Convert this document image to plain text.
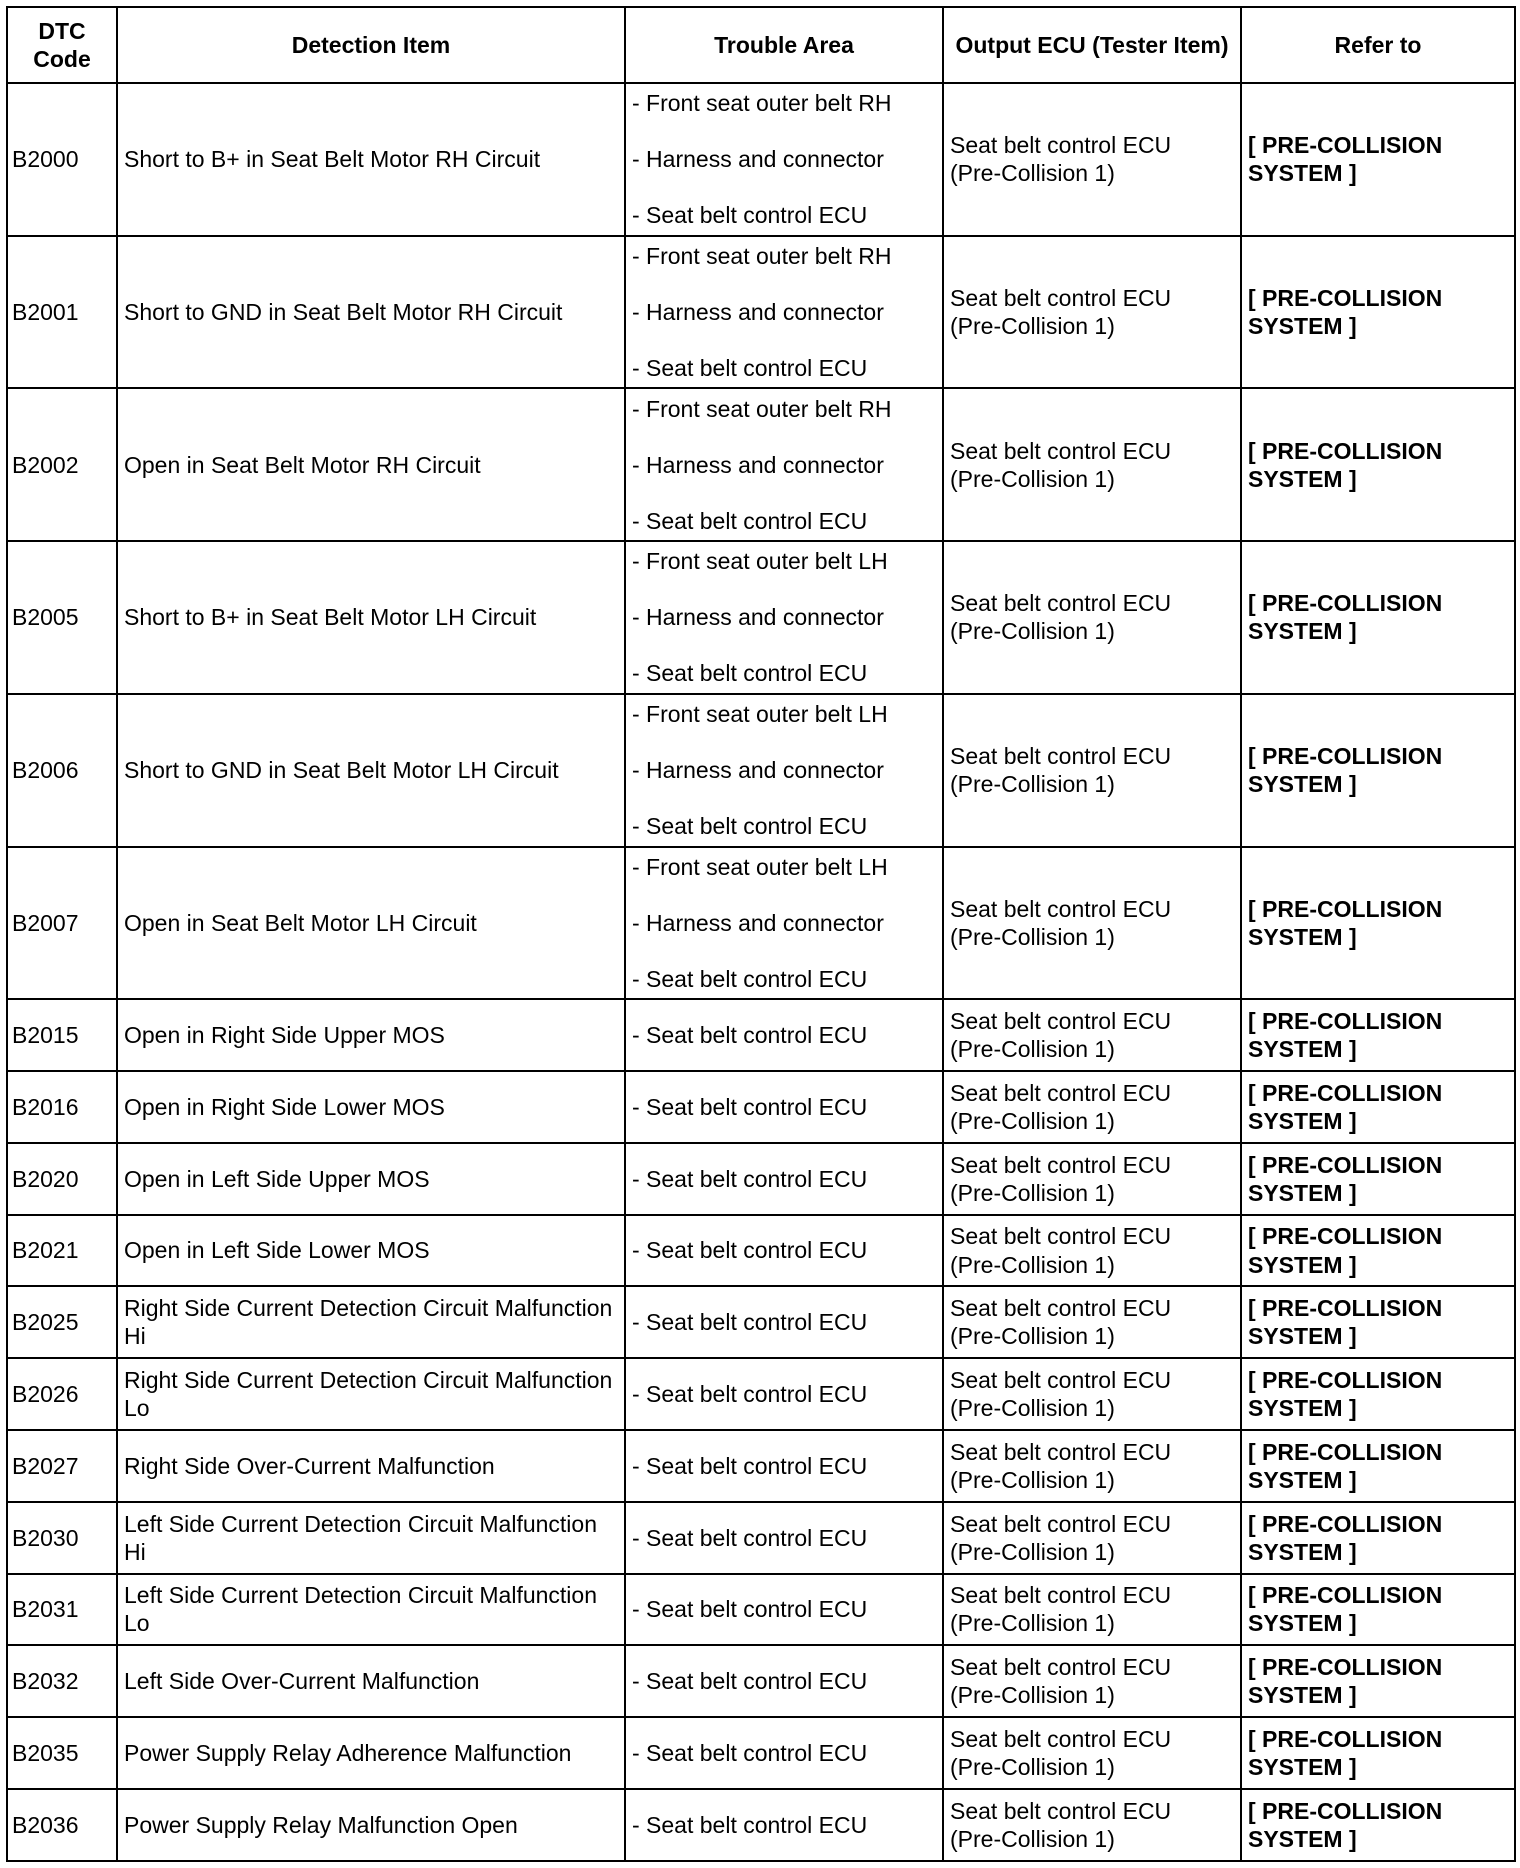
DTC Code	Detection Item	Trouble Area	Output ECU (Tester Item)	Refer to
B2000	Short to B+ in Seat Belt Motor RH Circuit	- Front seat outer belt RH
- Harness and connector
- Seat belt control ECU	Seat belt control ECU
(Pre-Collision 1)	[ PRE-COLLISION
SYSTEM ]

B2001	Short to GND in Seat Belt Motor RH Circuit	- Front seat outer belt RH
- Harness and connector
- Seat belt control ECU	Seat belt control ECU
(Pre-Collision 1)	[ PRE-COLLISION
SYSTEM ]

B2002	Open in Seat Belt Motor RH Circuit	- Front seat outer belt RH
- Harness and connector
- Seat belt control ECU	Seat belt control ECU
(Pre-Collision 1)	[ PRE-COLLISION
SYSTEM ]

B2005	Short to B+ in Seat Belt Motor LH Circuit	- Front seat outer belt LH
- Harness and connector
- Seat belt control ECU	Seat belt control ECU
(Pre-Collision 1)	[ PRE-COLLISION
SYSTEM ]

B2006	Short to GND in Seat Belt Motor LH Circuit	- Front seat outer belt LH
- Harness and connector
- Seat belt control ECU	Seat belt control ECU
(Pre-Collision 1)	[ PRE-COLLISION
SYSTEM ]

B2007	Open in Seat Belt Motor LH Circuit	- Front seat outer belt LH
- Harness and connector
- Seat belt control ECU	Seat belt control ECU
(Pre-Collision 1)	[ PRE-COLLISION
SYSTEM ]

B2015	Open in Right Side Upper MOS	- Seat belt control ECU	Seat belt control ECU
(Pre-Collision 1)	[ PRE-COLLISION
SYSTEM ]

B2016	Open in Right Side Lower MOS	- Seat belt control ECU	Seat belt control ECU
(Pre-Collision 1)	[ PRE-COLLISION
SYSTEM ]

B2020	Open in Left Side Upper MOS	- Seat belt control ECU	Seat belt control ECU
(Pre-Collision 1)	[ PRE-COLLISION
SYSTEM ]

B2021	Open in Left Side Lower MOS	- Seat belt control ECU	Seat belt control ECU
(Pre-Collision 1)	[ PRE-COLLISION
SYSTEM ]

B2025	Right Side Current Detection Circuit Malfunction Hi	- Seat belt control ECU	Seat belt control ECU
(Pre-Collision 1)	[ PRE-COLLISION
SYSTEM ]

B2026	Right Side Current Detection Circuit Malfunction Lo	- Seat belt control ECU	Seat belt control ECU
(Pre-Collision 1)	[ PRE-COLLISION
SYSTEM ]

B2027	Right Side Over-Current Malfunction	- Seat belt control ECU	Seat belt control ECU
(Pre-Collision 1)	[ PRE-COLLISION
SYSTEM ]

B2030	Left Side Current Detection Circuit Malfunction Hi	- Seat belt control ECU	Seat belt control ECU
(Pre-Collision 1)	[ PRE-COLLISION
SYSTEM ]

B2031	Left Side Current Detection Circuit Malfunction Lo	- Seat belt control ECU	Seat belt control ECU
(Pre-Collision 1)	[ PRE-COLLISION
SYSTEM ]

B2032	Left Side Over-Current Malfunction	- Seat belt control ECU	Seat belt control ECU
(Pre-Collision 1)	[ PRE-COLLISION
SYSTEM ]

B2035	Power Supply Relay Adherence Malfunction	- Seat belt control ECU	Seat belt control ECU
(Pre-Collision 1)	[ PRE-COLLISION
SYSTEM ]

B2036	Power Supply Relay Malfunction Open	- Seat belt control ECU	Seat belt control ECU
(Pre-Collision 1)	[ PRE-COLLISION
SYSTEM ]
